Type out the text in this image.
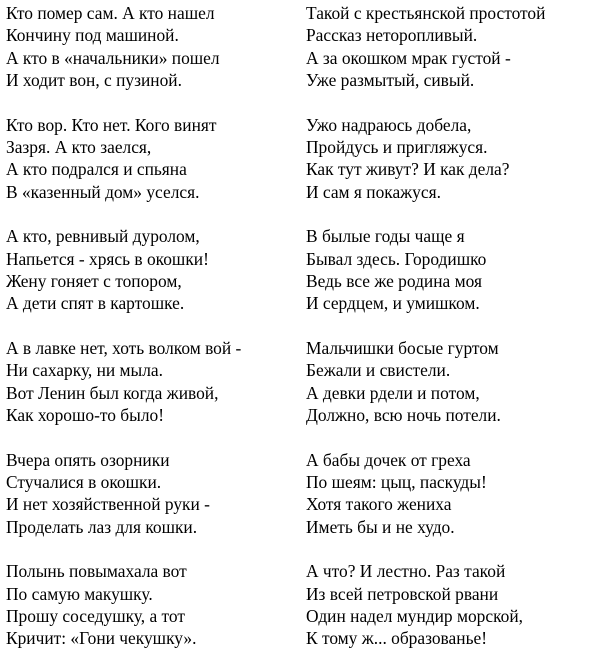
Кто помер сам. А кто нашел
Кончину под машиной.
А кто в «начальники» пошел
И ходит вон, с пузиной.
Кто вор. Кто нет. Кого винят
Зазря. А кто заелся,
А кто подрался и спьяна
В «казенный дом» уселся.
А кто, ревнивый дуролом,
Напьется - хрясь в окошки!
Жену гоняет с топором,
А дети спят в картошке.
А в лавке нет, хоть волком вой -
Ни сахарку, ни мыла.
Вот Ленин был когда живой,
Как хорошо-то было!
Вчера опять озорники
Стучалися в окошки.
И нет хозяйственной руки -
Проделать лаз для кошки.
Полынь повымахала вот
По самую макушку.
Прошу соседушку, а тот
Кричит: «Гони чекушку».
Такой с крестьянской простотой
Рассказ неторопливый.
А за окошком мрак густой -
Уже размытый, сивый.
Ужо надраюсь добела,
Пройдусь и пригляжуся.
Как тут живут? И как дела?
И сам я покажуся.
В былые годы чаще я
Бывал здесь. Городишко
Ведь все же родина моя
И сердцем, и умишком.
Мальчишки босые гуртом
Бежали и свистели.
А девки рдели и потом,
Должно, всю ночь потели.
А бабы дочек от греха
По шеям: цыц, паскуды!
Хотя такого жениха
Иметь бы и не худо.
А что? И лестно. Раз такой
Из всей петровской рвани
Один надел мундир морской,
К тому ж... образованье!
